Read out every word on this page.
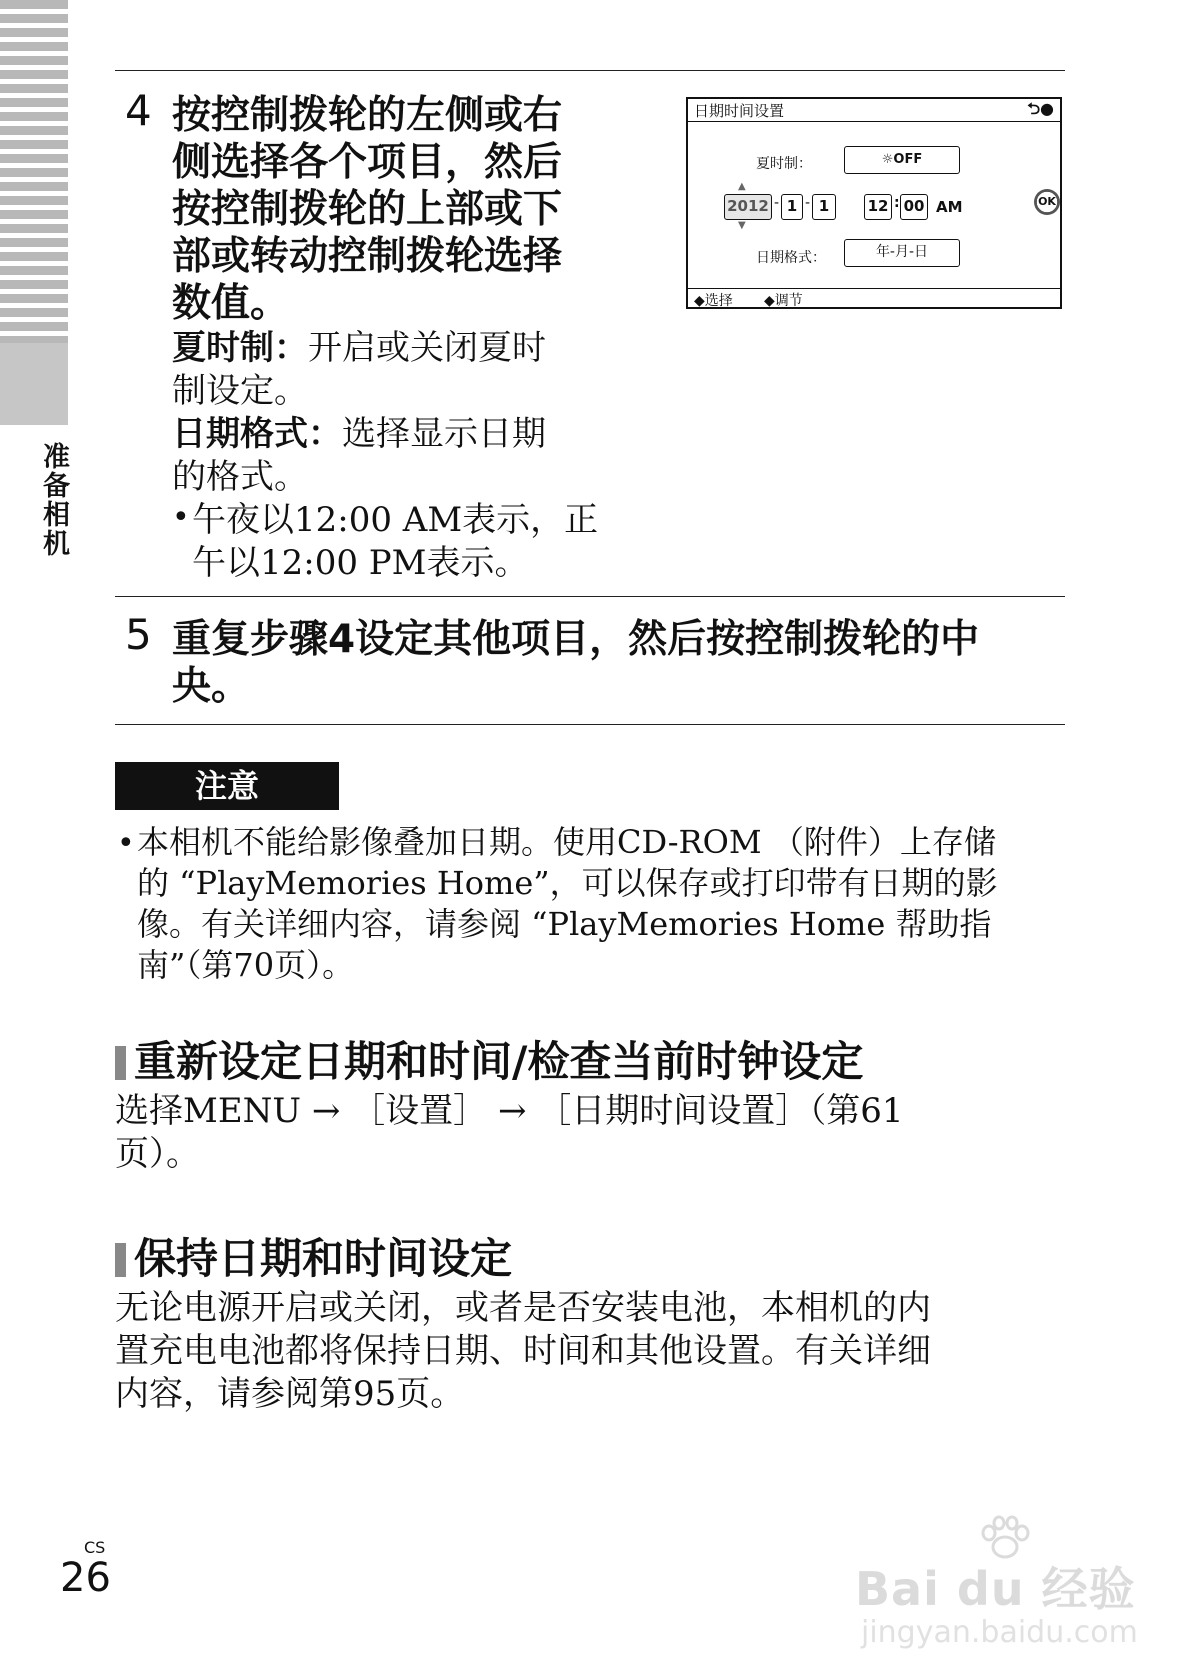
准备相机
4 按控制拨轮的左侧或右
侧选择各个项目，然后
按控制拨轮的上部或下
部或转动控制拨轮选择
数值。
夏时制：开启或关闭夏时
制设定。
日期格式：选择显示日期
的格式。
• 午夜以12:00 AM表示，正
午以12:00 PM表示。
日期时间设置	⮌●
夏时制：	☼OFF
▲
2012
▼
- 1 - 1	12 : 00 AM	OK
日期格式：	年-月-日
◆选择 ◆调节
5 重复步骤4设定其他项目，然后按控制拨轮的中
央。
注意
• 本相机不能给影像叠加日期。使用CD-ROM （附件）上存储
的 “PlayMemories Home”，可以保存或打印带有日期的影
像。有关详细内容，请参阅 “PlayMemories Home 帮助指
南”（第70页）。
重新设定日期和时间/检查当前时钟设定
选择MENU → ［设置］ → ［日期时间设置］（第61
页）。
保持日期和时间设定
无论电源开启或关闭，或者是否安装电池，本相机的内
置充电电池都将保持日期、时间和其他设置。有关详细
内容，请参阅第95页。
CS
26	Bai du 经验
jingyan.baidu.com
